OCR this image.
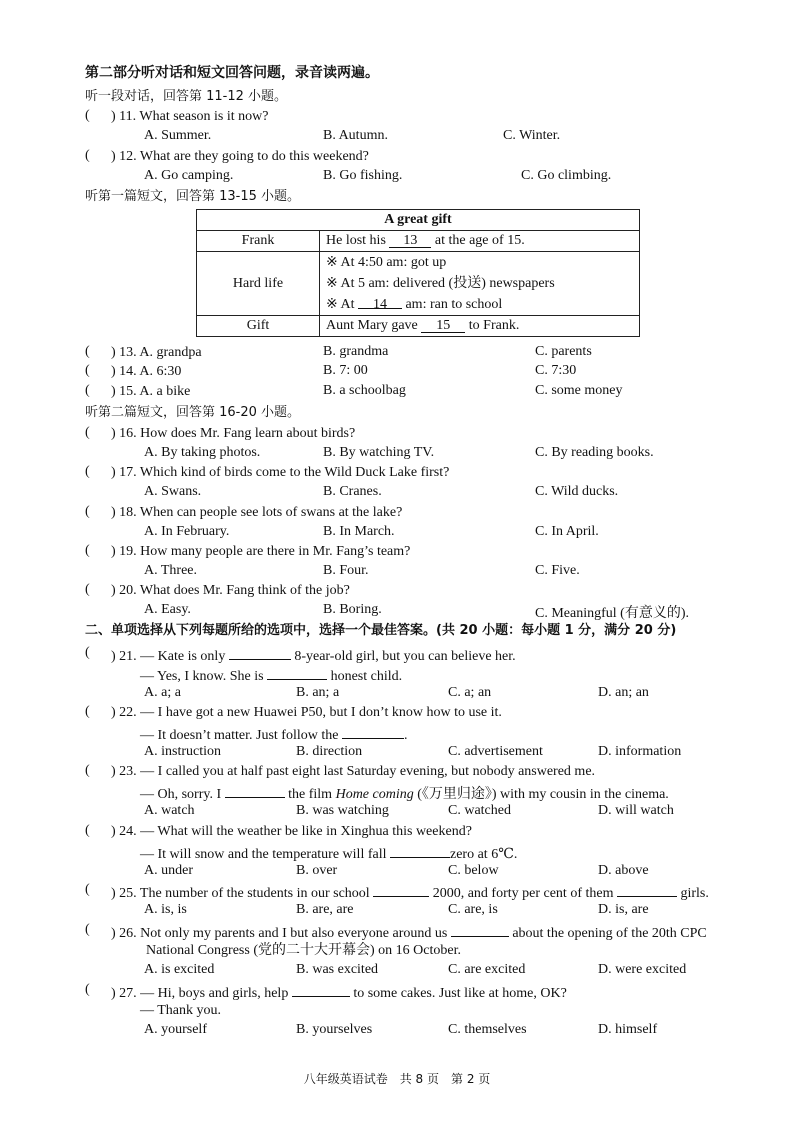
第二部分听对话和短文回答问题，录音读两遍。
听一段对话，回答第 11-12 小题。
( ) 11. What season is it now?
A. Summer.	B. Autumn.	C. Winter.
( ) 12. What are they going to do this weekend?
A. Go camping.	B. Go fishing.	C. Go climbing.
听第一篇短文，回答第 13-15 小题。
A great gift	
Frank	He lost his 13 at the age of 15.
Hard life	※ At 4:50 am: got up
※ At 5 am: delivered (投送) newspapers
※ At 14 am: ran to school

Gift	Aunt Mary gave 15 to Frank.
( ) 13. A. grandpa	B. grandma	C. parents
( ) 14. A. 6:30	B. 7: 00	C. 7:30
( ) 15. A. a bike	B. a schoolbag	C. some money
听第二篇短文，回答第 16-20 小题。
( ) 16. How does Mr. Fang learn about birds?
A. By taking photos.	B. By watching TV.	C. By reading books.
( ) 17. Which kind of birds come to the Wild Duck Lake first?
A. Swans.	B. Cranes.	C. Wild ducks.
( ) 18. When can people see lots of swans at the lake?
A. In February.	B. In March.	C. In April.
( ) 19. How many people are there in Mr. Fang’s team?
A. Three.	B. Four.	C. Five.
( ) 20. What does Mr. Fang think of the job?
A. Easy.	B. Boring.	C. Meaningful (有意义的).
二、单项选择从下列每题所给的选项中，选择一个最佳答案。(共 20 小题：每小题 1 分，满分 20 分)
( ) 21. — Kate is only	8-year-old girl, but you can believe her.
— Yes, I know. She is	honest child.
A. a; a	B. an; a	C. a; an	D. an; an
( ) 22. — I have got a new Huawei P50, but I don’t know how to use it.
— It doesn’t matter. Just follow the	.
A. instruction	B. direction	C. advertisement	D. information
( ) 23. — I called you at half past eight last Saturday evening, but nobody answered me.
— Oh, sorry. I	the film Home coming (《万里归途》) with my cousin in the cinema.
A. watch	B. was watching	C. watched	D. will watch
( ) 24. — What will the weather be like in Xinghua this weekend?
— It will snow and the temperature will fall	zero at 6℃.
A. under	B. over	C. below	D. above
( ) 25. The number of the students in our school	2000, and forty per cent of them	girls.
A. is, is	B. are, are	C. are, is	D. is, are
( ) 26. Not only my parents and I but also everyone around us	about the opening of the 20th CPC
National Congress (党的二十大开幕会) on 16 October.
A. is excited	B. was excited	C. are excited	D. were excited
( ) 27. — Hi, boys and girls, help	to some cakes. Just like at home, OK?
— Thank you.
A. yourself	B. yourselves	C. themselves	D. himself
八年级英语试卷　共 8 页　第 2 页
